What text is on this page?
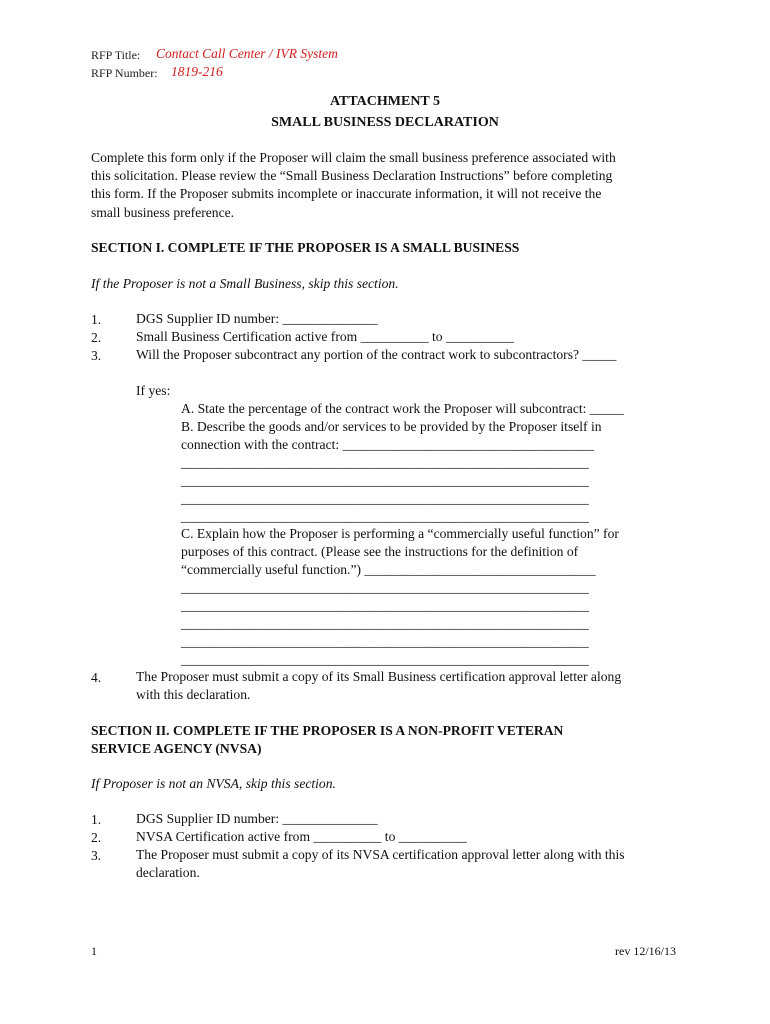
RFP Title: Contact Call Center / IVR System
RFP Number: 1819-216
ATTACHMENT 5
SMALL BUSINESS DECLARATION
Complete this form only if the Proposer will claim the small business preference associated with
this solicitation. Please review the “Small Business Declaration Instructions” before completing
this form. If the Proposer submits incomplete or inaccurate information, it will not receive the
small business preference.
SECTION I. COMPLETE IF THE PROPOSER IS A SMALL BUSINESS
If the Proposer is not a Small Business, skip this section.
1.	DGS Supplier ID number: ______________
2.	Small Business Certification active from __________ to __________
3.	Will the Proposer subcontract any portion of the contract work to subcontractors? _____
If yes:
A. State the percentage of the contract work the Proposer will subcontract: _____
B. Describe the goods and/or services to be provided by the Proposer itself in
connection with the contract: _____________________________________
____________________________________________________________
____________________________________________________________
____________________________________________________________
____________________________________________________________
C. Explain how the Proposer is performing a “commercially useful function” for
purposes of this contract. (Please see the instructions for the definition of
“commercially useful function.”) __________________________________
____________________________________________________________
____________________________________________________________
____________________________________________________________
____________________________________________________________
____________________________________________________________
4.	The Proposer must submit a copy of its Small Business certification approval letter along
with this declaration.
SECTION II. COMPLETE IF THE PROPOSER IS A NON-PROFIT VETERAN
SERVICE AGENCY (NVSA)
If Proposer is not an NVSA, skip this section.
1.	DGS Supplier ID number: ______________
2.	NVSA Certification active from __________ to __________
3.	The Proposer must submit a copy of its NVSA certification approval letter along with this
declaration.
1	rev 12/16/13
